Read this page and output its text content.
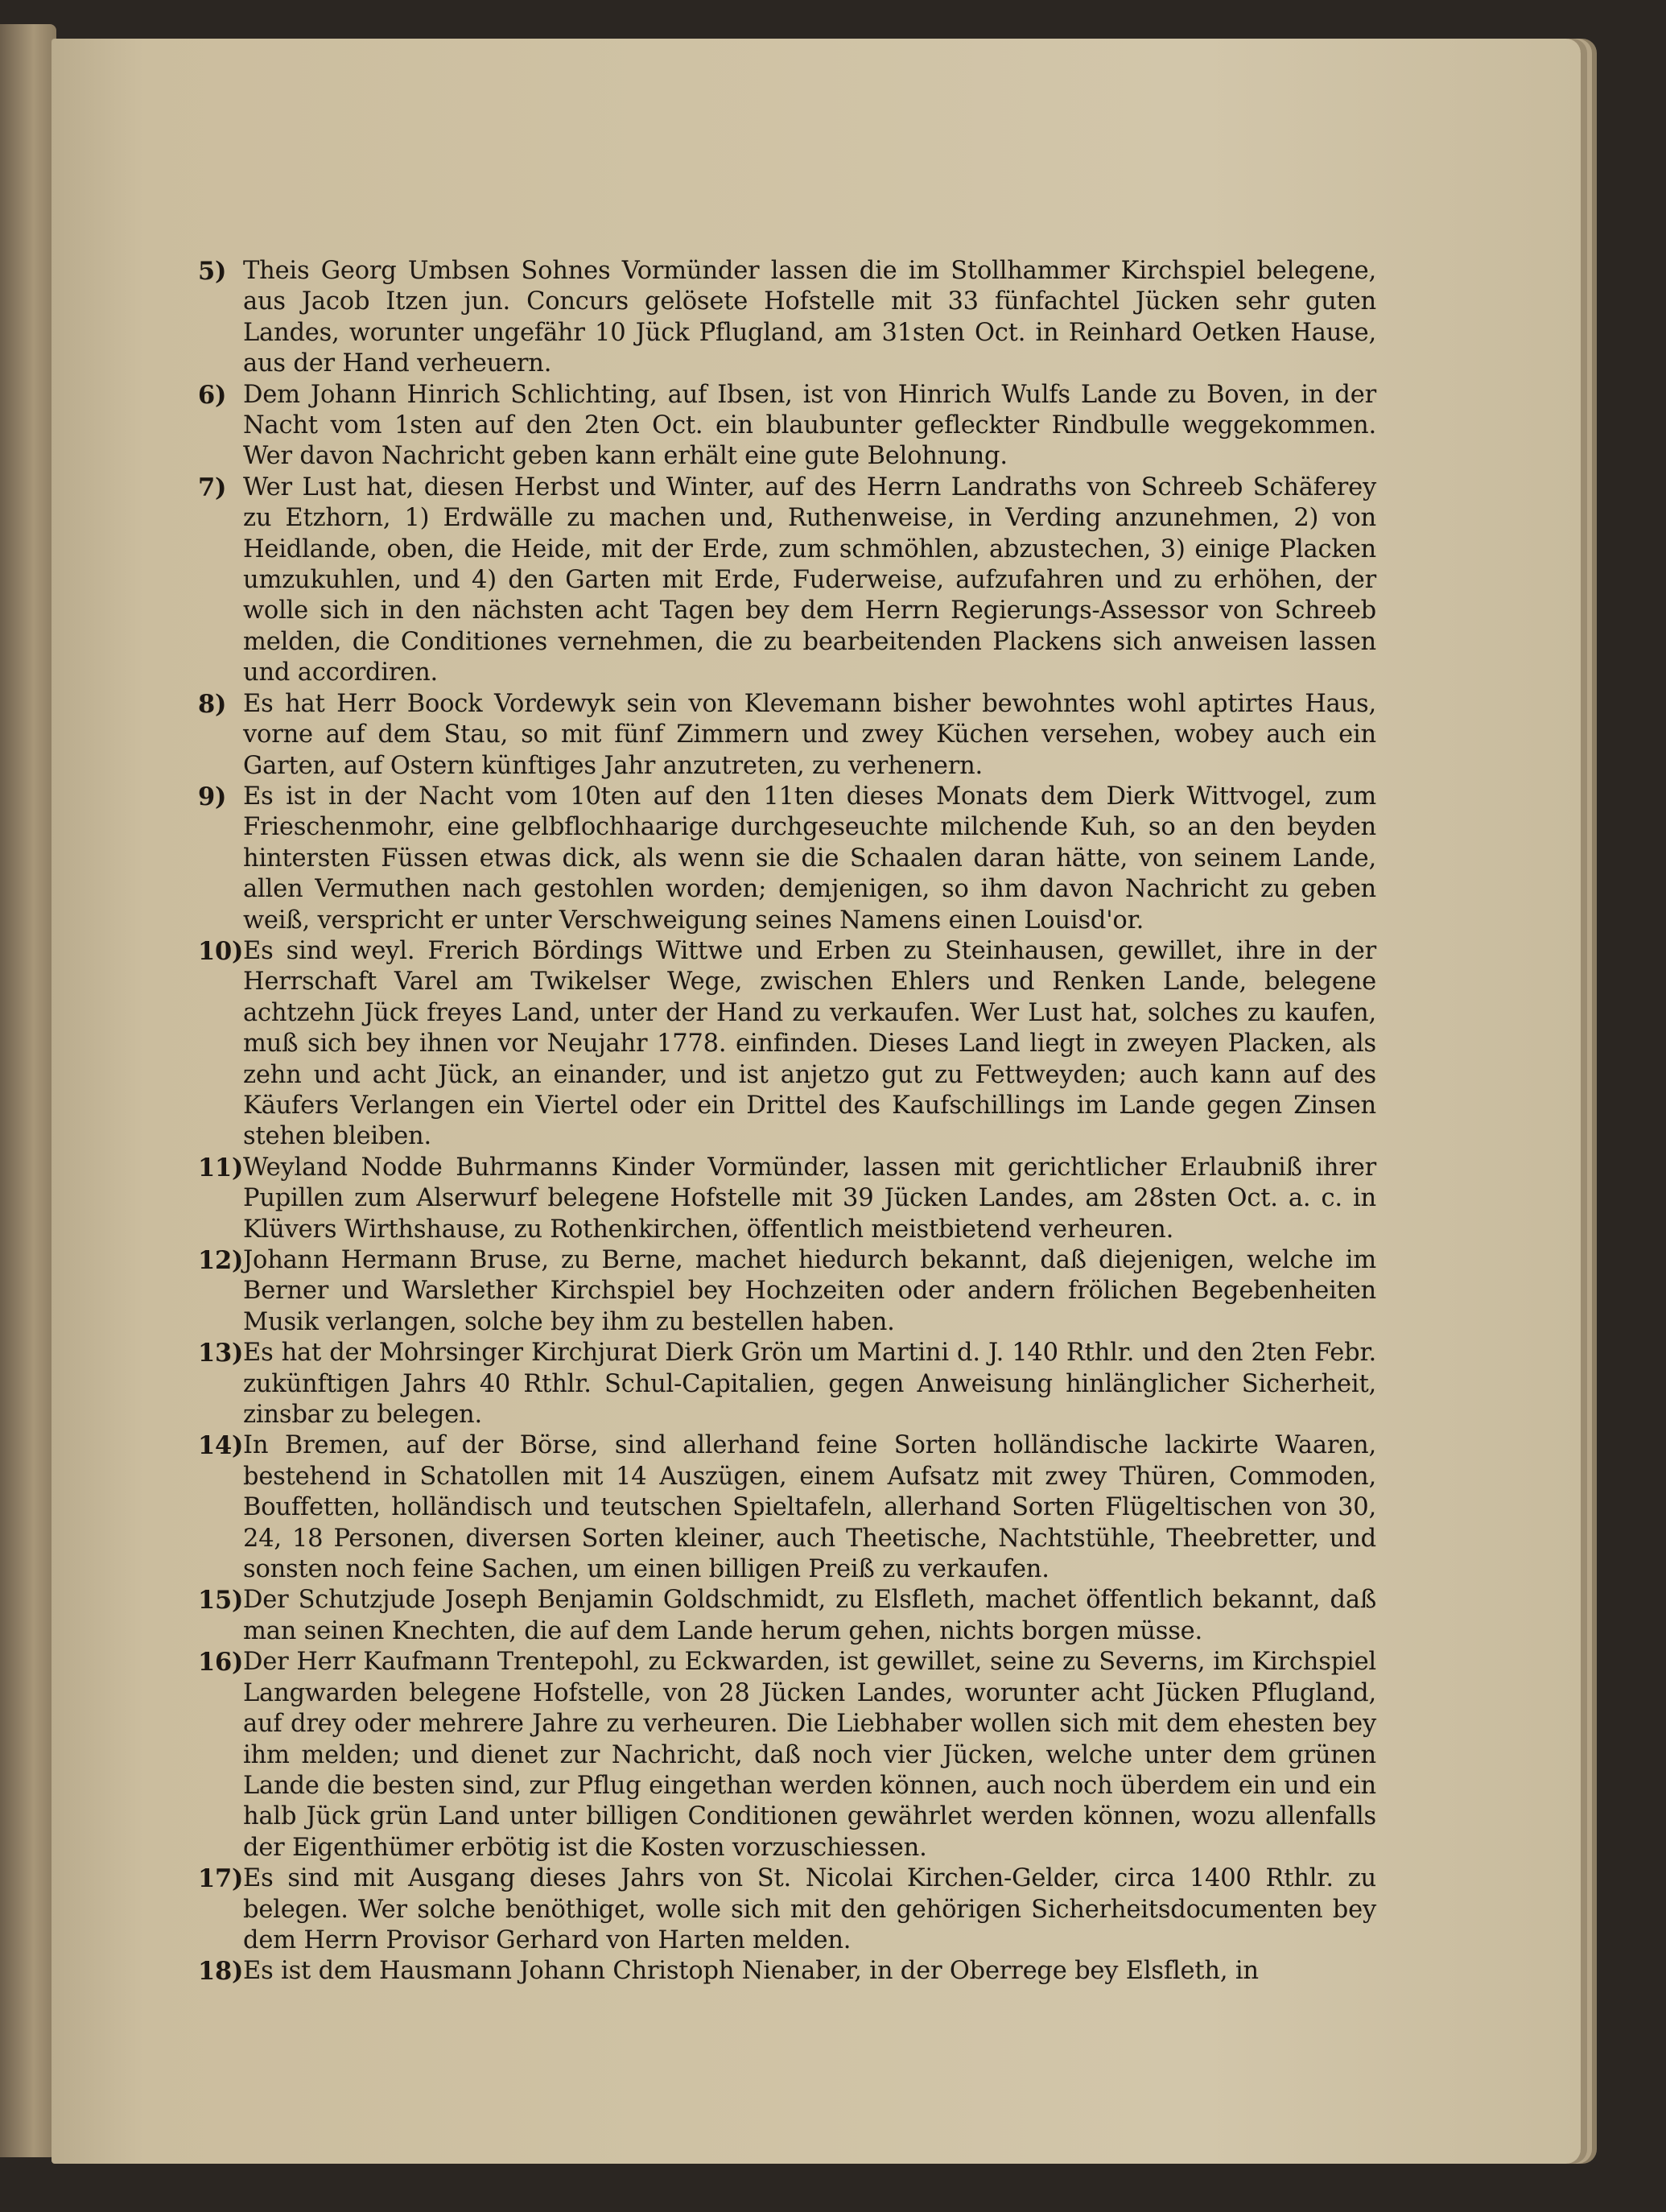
5) Theis Georg Umbsen Sohnes Vormünder lassen die im Stollhammer Kirchspiel belegene, aus Jacob Itzen jun. Concurs gelösete Hofstelle mit 33 fünfachtel Jücken sehr guten Landes, worunter ungefähr 10 Jück Pflugland, am 31sten Oct. in Reinhard Oetken Hause, aus der Hand verheuern.

6) Dem Johann Hinrich Schlichting, auf Ibsen, ist von Hinrich Wulfs Lande zu Boven, in der Nacht vom 1sten auf den 2ten Oct. ein blaubunter gefleckter Rindbulle weggekommen. Wer davon Nachricht geben kann erhält eine gute Belohnung.

7) Wer Lust hat, diesen Herbst und Winter, auf des Herrn Landraths von Schreeb Schäferey zu Etzhorn, 1) Erdwälle zu machen und, Ruthenweise, in Verding anzunehmen, 2) von Heidlande, oben, die Heide, mit der Erde, zum schmöhlen, abzustechen, 3) einige Placken umzukuhlen, und 4) den Garten mit Erde, Fuderweise, aufzufahren und zu erhöhen, der wolle sich in den nächsten acht Tagen bey dem Herrn Regierungs-Assessor von Schreeb melden, die Conditiones vernehmen, die zu bearbeitenden Plackens sich anweisen lassen und accordiren.

8) Es hat Herr Boock Vordewyk sein von Klevemann bisher bewohntes wohl aptirtes Haus, vorne auf dem Stau, so mit fünf Zimmern und zwey Küchen versehen, wobey auch ein Garten, auf Ostern künftiges Jahr anzutreten, zu verhenern.

9) Es ist in der Nacht vom 10ten auf den 11ten dieses Monats dem Dierk Wittvogel, zum Frieschenmohr, eine gelbflochhaarige durchgeseuchte milchende Kuh, so an den beyden hintersten Füssen etwas dick, als wenn sie die Schaalen daran hätte, von seinem Lande, allen Vermuthen nach gestohlen worden; demjenigen, so ihm davon Nachricht zu geben weiß, verspricht er unter Verschweigung seines Namens einen Louisd'or.

10) Es sind weyl. Frerich Bördings Wittwe und Erben zu Steinhausen, gewillet, ihre in der Herrschaft Varel am Twikelser Wege, zwischen Ehlers und Renken Lande, belegene achtzehn Jück freyes Land, unter der Hand zu verkaufen. Wer Lust hat, solches zu kaufen, muß sich bey ihnen vor Neujahr 1778. einfinden. Dieses Land liegt in zweyen Placken, als zehn und acht Jück, an einander, und ist anjetzo gut zu Fettweyden; auch kann auf des Käufers Verlangen ein Viertel oder ein Drittel des Kaufschillings im Lande gegen Zinsen stehen bleiben.

11) Weyland Nodde Buhrmanns Kinder Vormünder, lassen mit gerichtlicher Erlaubniß ihrer Pupillen zum Alserwurf belegene Hofstelle mit 39 Jücken Landes, am 28sten Oct. a. c. in Klüvers Wirthshause, zu Rothenkirchen, öffentlich meistbietend verheuren.

12) Johann Hermann Bruse, zu Berne, machet hiedurch bekannt, daß diejenigen, welche im Berner und Warslether Kirchspiel bey Hochzeiten oder andern frölichen Begebenheiten Musik verlangen, solche bey ihm zu bestellen haben.

13) Es hat der Mohrsinger Kirchjurat Dierk Grön um Martini d. J. 140 Rthlr. und den 2ten Febr. zukünftigen Jahrs 40 Rthlr. Schul-Capitalien, gegen Anweisung hinlänglicher Sicherheit, zinsbar zu belegen.

14) In Bremen, auf der Börse, sind allerhand feine Sorten holländische lackirte Waaren, bestehend in Schatollen mit 14 Auszügen, einem Aufsatz mit zwey Thüren, Commoden, Bouffetten, holländisch und teutschen Spieltafeln, allerhand Sorten Flügeltischen von 30, 24, 18 Personen, diversen Sorten kleiner, auch Theetische, Nachtstühle, Theebretter, und sonsten noch feine Sachen, um einen billigen Preiß zu verkaufen.

15) Der Schutzjude Joseph Benjamin Goldschmidt, zu Elsfleth, machet öffentlich bekannt, daß man seinen Knechten, die auf dem Lande herum gehen, nichts borgen müsse.

16) Der Herr Kaufmann Trentepohl, zu Eckwarden, ist gewillet, seine zu Severns, im Kirchspiel Langwarden belegene Hofstelle, von 28 Jücken Landes, worunter acht Jücken Pflugland, auf drey oder mehrere Jahre zu verheuren. Die Liebhaber wollen sich mit dem ehesten bey ihm melden; und dienet zur Nachricht, daß noch vier Jücken, welche unter dem grünen Lande die besten sind, zur Pflug eingethan werden können, auch noch überdem ein und ein halb Jück grün Land unter billigen Conditionen gewährlet werden können, wozu allenfalls der Eigenthümer erbötig ist die Kosten vorzuschiessen.

17) Es sind mit Ausgang dieses Jahrs von St. Nicolai Kirchen-Gelder, circa 1400 Rthlr. zu belegen. Wer solche benöthiget, wolle sich mit den gehörigen Sicherheitsdocumenten bey dem Herrn Provisor Gerhard von Harten melden.

18) Es ist dem Hausmann Johann Christoph Nienaber, in der Oberrege bey Elsfleth, in
